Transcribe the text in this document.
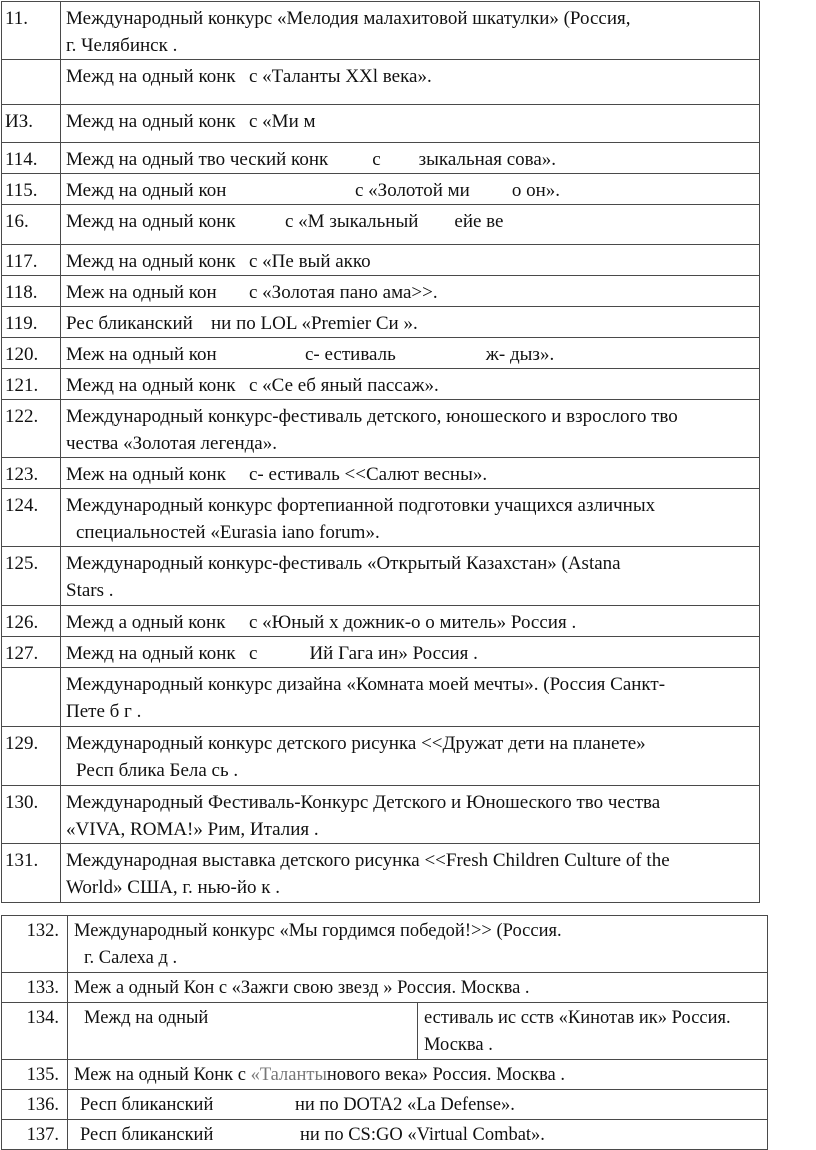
11.	Международный конкурс «Мелодия малахитовой шкатулки» (Россия,
г. Челябинск .

	Межд на одный конк с «Таланты XXl века».
ИЗ.	Межд на одный конк с «Ми м
114.	Межд на одный тво ческий конк с зыкальная сова».
115.	Межд на одный кон с «Золотой ми о он».
16.	Межд на одный конк с «М зыкальный ейе ве
117.	Межд на одный конк с «Пе вый акко
118.	Меж на одный кон с «Золотая пано ама>>.
119.	Рес бликанский ни по LOL «Premier Си ».
120.	Меж на одный кон с- естиваль ж- дыз».
121.	Межд на одный конк с «Се еб яный пассаж».
122.	Международный конкурс-фестиваль детского, юношеского и взрослого тво
чества «Золотая легенда».

123.	Меж на одный конк с- естиваль <<Салют весны».
124.	Международный конкурс фортепианной подготовки учащихся азличных
специальностей «Eurasia iano forum».

125.	Международный конкурс-фестиваль «Открытый Казахстан» (Astana
Stars .

126.	Межд а одный конк с «Юный х дожник-о о митель» Россия .
127.	Межд на одный конк с Ий Гага ин» Россия .

	Международный конкурс дизайна «Комната моей мечты». (Россия Санкт-
Пете б г .

129.	Международный конкурс детского рисунка <<Дружат дети на планете»
Респ блика Бела сь .

130.	Международный Фестиваль-Конкурс Детского и Юношеского тво чества
«VIVA, ROMA!» Рим, Италия .

131.	Международная выставка детского рисунка <<Fresh Children Culture of the
World» США, г. нью-йо к .
132.	Международный конкурс «Мы гордимся победой!>> (Россия.
г. Салеха д .	
133.	Меж а одный Кон с «Зажги свою звезд » Россия. Москва .	
134.	Межд на одный	естиваль ис сств «Кинотав ик» Россия. Москва .
135.	Меж на одный Конк с «Талантынового века» Россия. Москва .	
136.	Респ бликанский ни по DOTA2 «La Defense».	
137.	Респ бликанский ни по CS:GO «Virtual Combat».	
